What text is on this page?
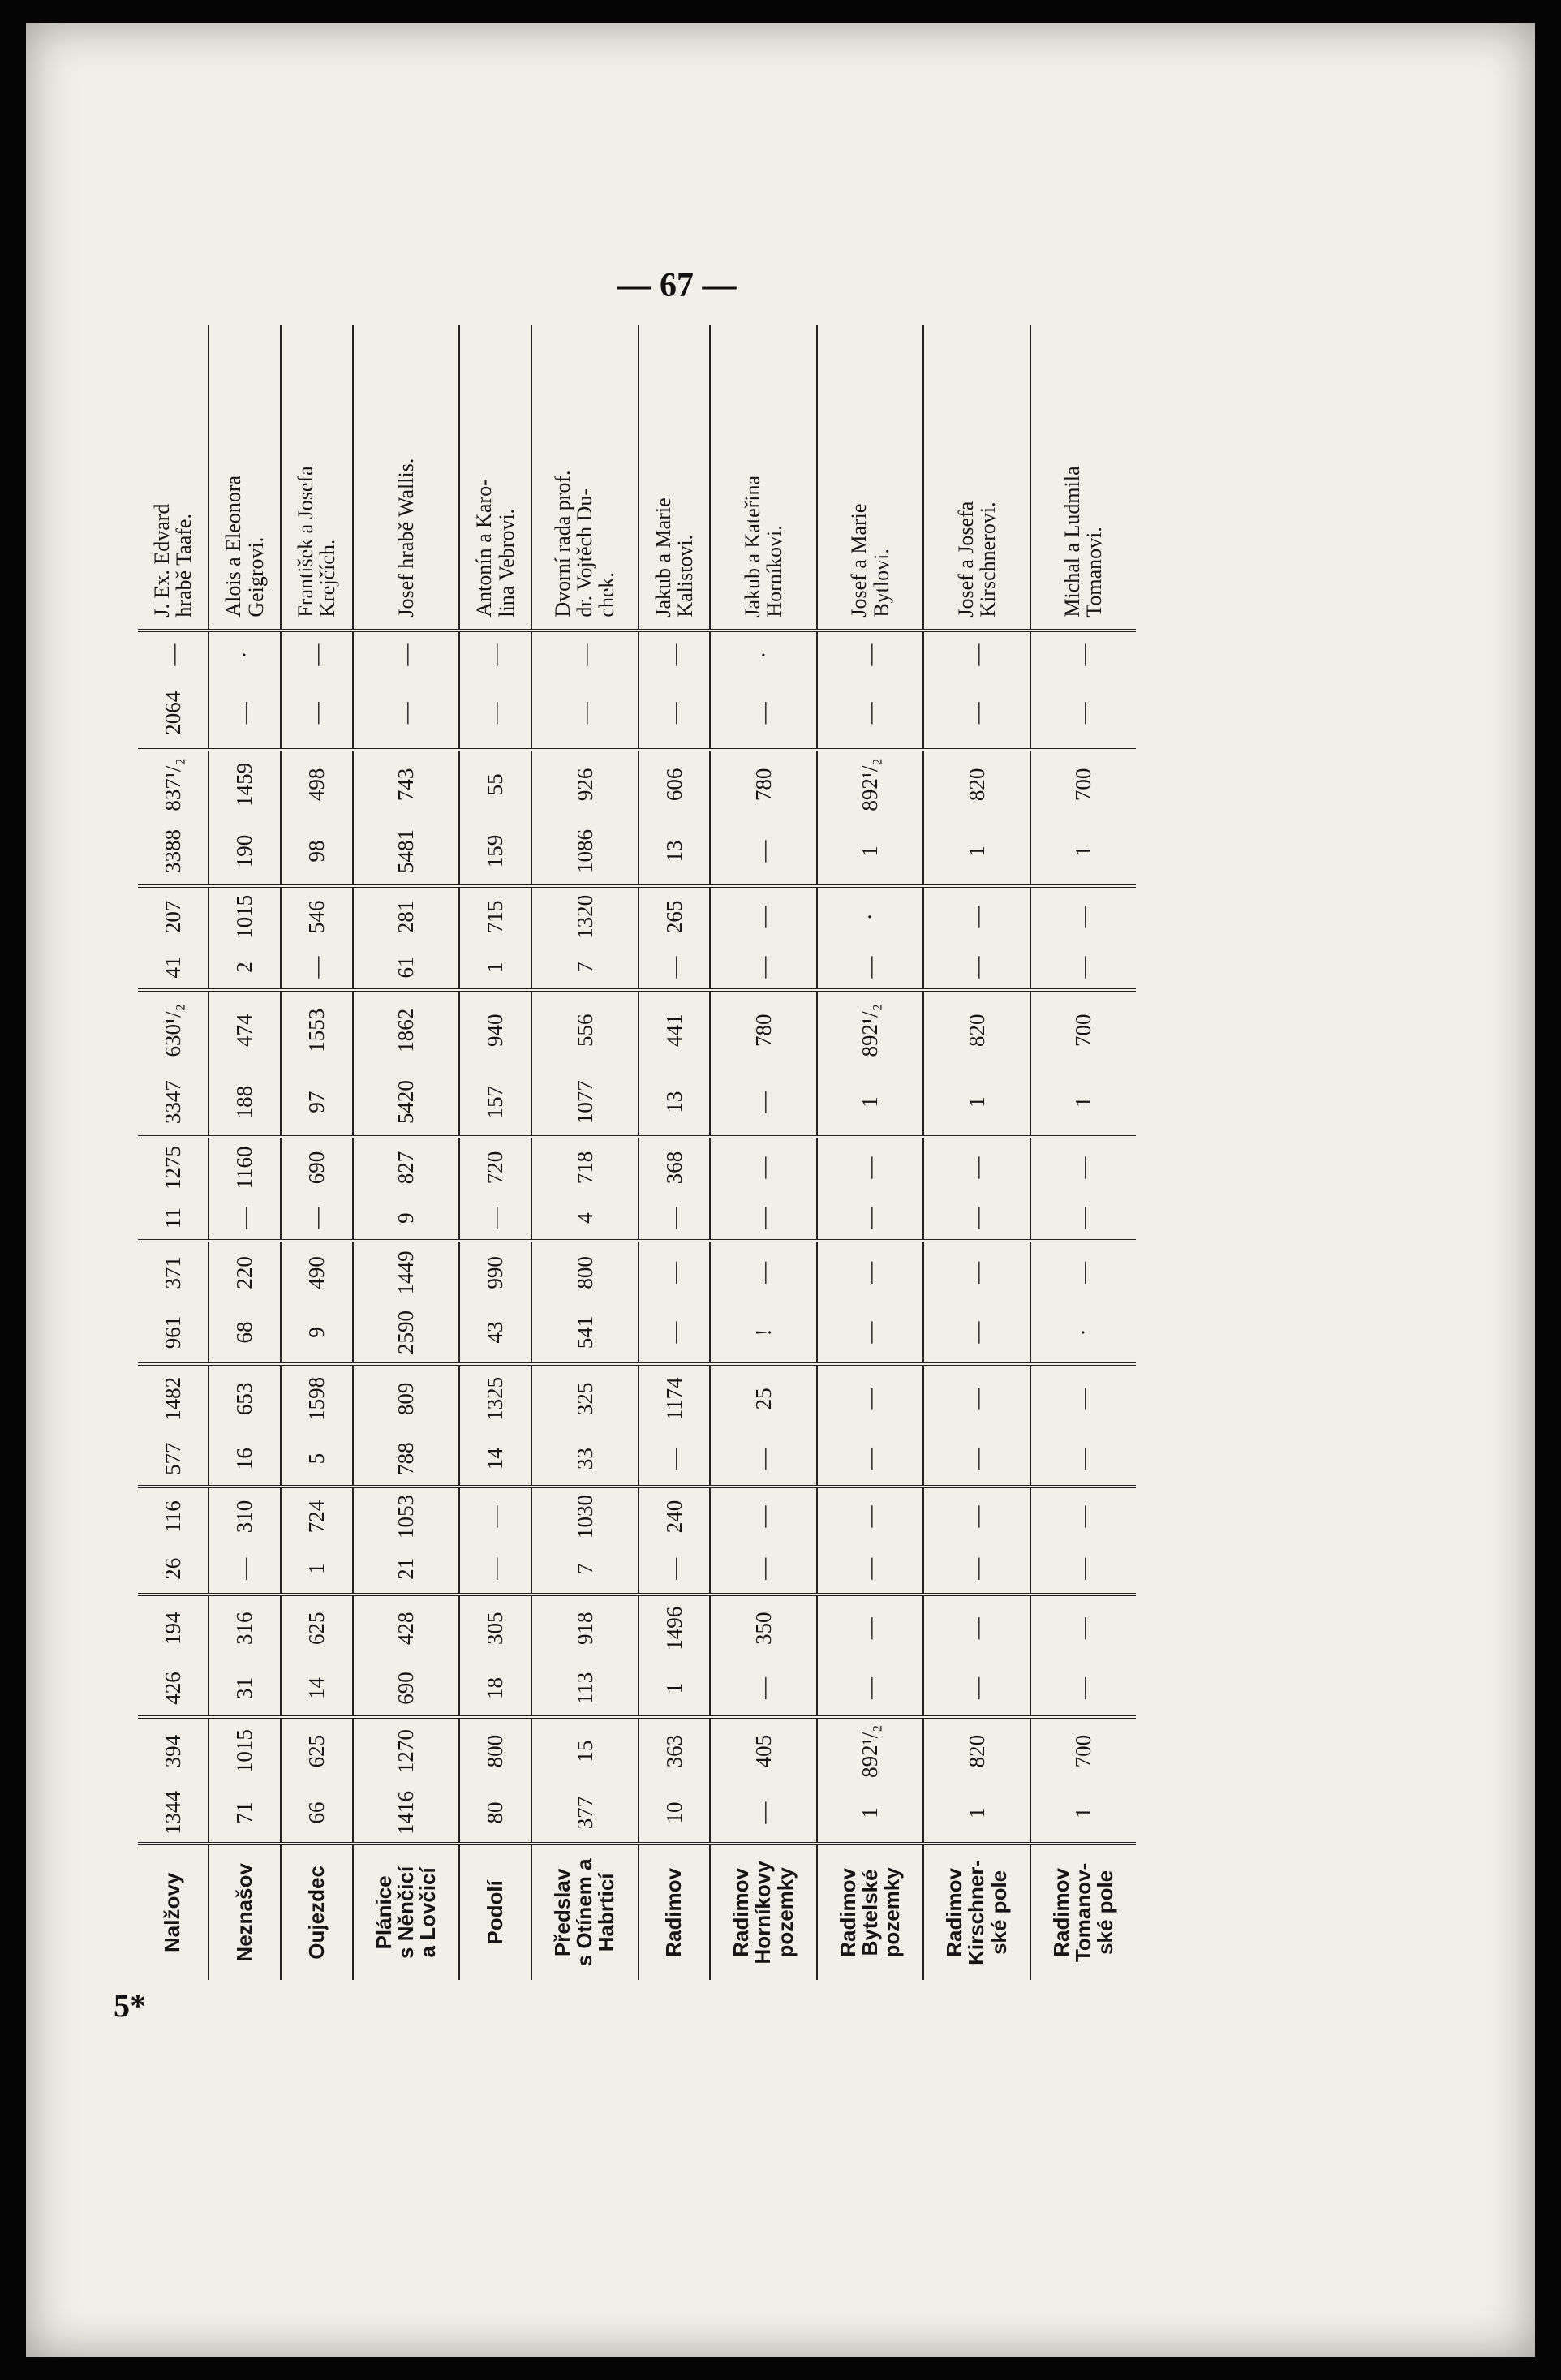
— 67 —
5*
Nalžovy	1344	394	426	194	26	116	577	1482	961	371	11	1275	3347	630¹/₂	41	207	3388	837¹/₂	2064	—	J. Ex. Edvard
hrabě Taafe.

Neznašov	71	1015	31	316	—	310	16	653	68	220	—	1160	188	474	2	1015	190	1459	—	·	Alois a Eleonora
Geigrovi.

Oujezdec	66	625	14	625	1	724	5	1598	9	490	—	690	97	1553	—	546	98	498	—	—	František a Josefa
Krejčích.

Plánice
s Něnčicí
a Lovčicí	1416	1270	690	428	21	1053	788	809	2590	1449	9	827	5420	1862	61	281	5481	743	—	—	Josef hrabě Wallis.

Podolí	80	800	18	305	—	—	14	1325	43	990	—	720	157	940	1	715	159	55	—	—	Antonín a Karo-
lina Vebrovi.

Předslav
s Otínem a
Habrticí	377	15	113	918	7	1030	33	325	541	800	4	718	1077	556	7	1320	1086	926	—	—	Dvorní rada prof.
dr. Vojtěch Du-
chek.

Radimov	10	363	1	1496	—	240	—	1174	—	—	—	368	13	441	—	265	13	606	—	—	Jakub a Marie
Kalistovi.

Radimov
Horníkovy
pozemky	—	405	—	350	—	—	—	25	!	—	—	—	—	780	—	—	—	780	—	·	Jakub a Kateřina
Horníkovi.

Radimov
Bytelské
pozemky	1	892¹/₂	—	—	—	—	—	—	—	—	—	—	1	892¹/₂	—	·	1	892¹/₂	—	—	Josef a Marie
Bytlovi.

Radimov
Kirschner-
ské pole	1	820	—	—	—	—	—	—	—	—	—	—	1	820	—	—	1	820	—	—	Josef a Josefa
Kirschnerovi.

Radimov
Tomanov-
ské pole	1	700	—	—	—	—	—	—	·	—	—	—	1	700	—	—	1	700	—	—	Michal a Ludmila
Tomanovi.
